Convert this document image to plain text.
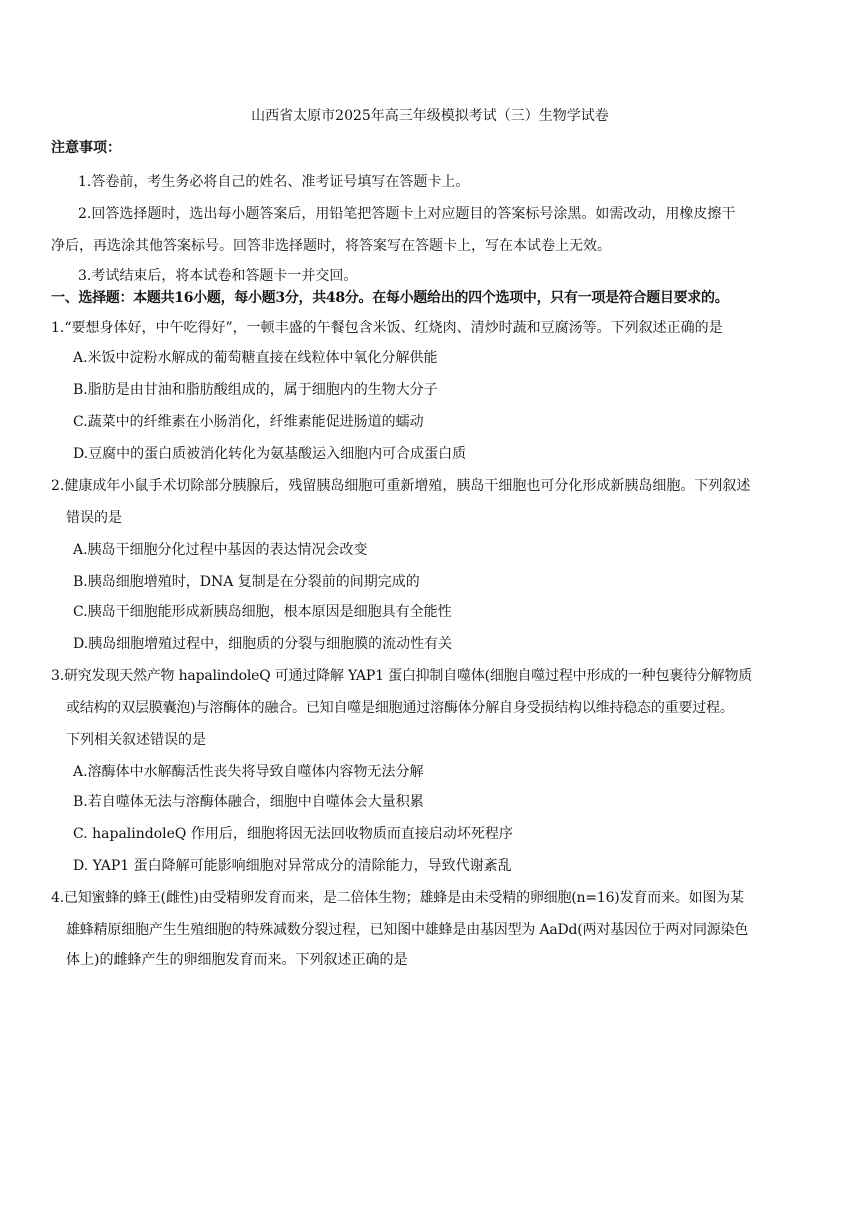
山西省太原市2025年高三年级模拟考试（三）生物学试卷
注意事项：
1.答卷前，考生务必将自己的姓名、准考证号填写在答题卡上。
2.回答选择题时，选出每小题答案后，用铅笔把答题卡上对应题目的答案标号涂黑。如需改动，用橡皮擦干
净后，再选涂其他答案标号。回答非选择题时，将答案写在答题卡上，写在本试卷上无效。
3.考试结束后，将本试卷和答题卡一并交回。
一、选择题：本题共16小题，每小题3分，共48分。在每小题给出的四个选项中，只有一项是符合题目要求的。
1.“要想身体好，中午吃得好”，一顿丰盛的午餐包含米饭、红烧肉、清炒时蔬和豆腐汤等。下列叙述正确的是
A.米饭中淀粉水解成的葡萄糖直接在线粒体中氧化分解供能
B.脂肪是由甘油和脂肪酸组成的，属于细胞内的生物大分子
C.蔬菜中的纤维素在小肠消化，纤维素能促进肠道的蠕动
D.豆腐中的蛋白质被消化转化为氨基酸运入细胞内可合成蛋白质
2.健康成年小鼠手术切除部分胰腺后，残留胰岛细胞可重新增殖，胰岛干细胞也可分化形成新胰岛细胞。下列叙述
错误的是
A.胰岛干细胞分化过程中基因的表达情况会改变
B.胰岛细胞增殖时，DNA 复制是在分裂前的间期完成的
C.胰岛干细胞能形成新胰岛细胞，根本原因是细胞具有全能性
D.胰岛细胞增殖过程中，细胞质的分裂与细胞膜的流动性有关
3.研究发现天然产物 hapalindoleQ 可通过降解 YAP1 蛋白抑制自噬体(细胞自噬过程中形成的一种包裹待分解物质
或结构的双层膜囊泡)与溶酶体的融合。已知自噬是细胞通过溶酶体分解自身受损结构以维持稳态的重要过程。
下列相关叙述错误的是
A.溶酶体中水解酶活性丧失将导致自噬体内容物无法分解
B.若自噬体无法与溶酶体融合，细胞中自噬体会大量积累
C. hapalindoleQ 作用后，细胞将因无法回收物质而直接启动坏死程序
D. YAP1 蛋白降解可能影响细胞对异常成分的清除能力，导致代谢紊乱
4.已知蜜蜂的蜂王(雌性)由受精卵发育而来，是二倍体生物；雄蜂是由未受精的卵细胞(n=16)发育而来。如图为某
雄蜂精原细胞产生生殖细胞的特殊减数分裂过程，已知图中雄蜂是由基因型为 AaDd(两对基因位于两对同源染色
体上)的雌蜂产生的卵细胞发育而来。下列叙述正确的是
